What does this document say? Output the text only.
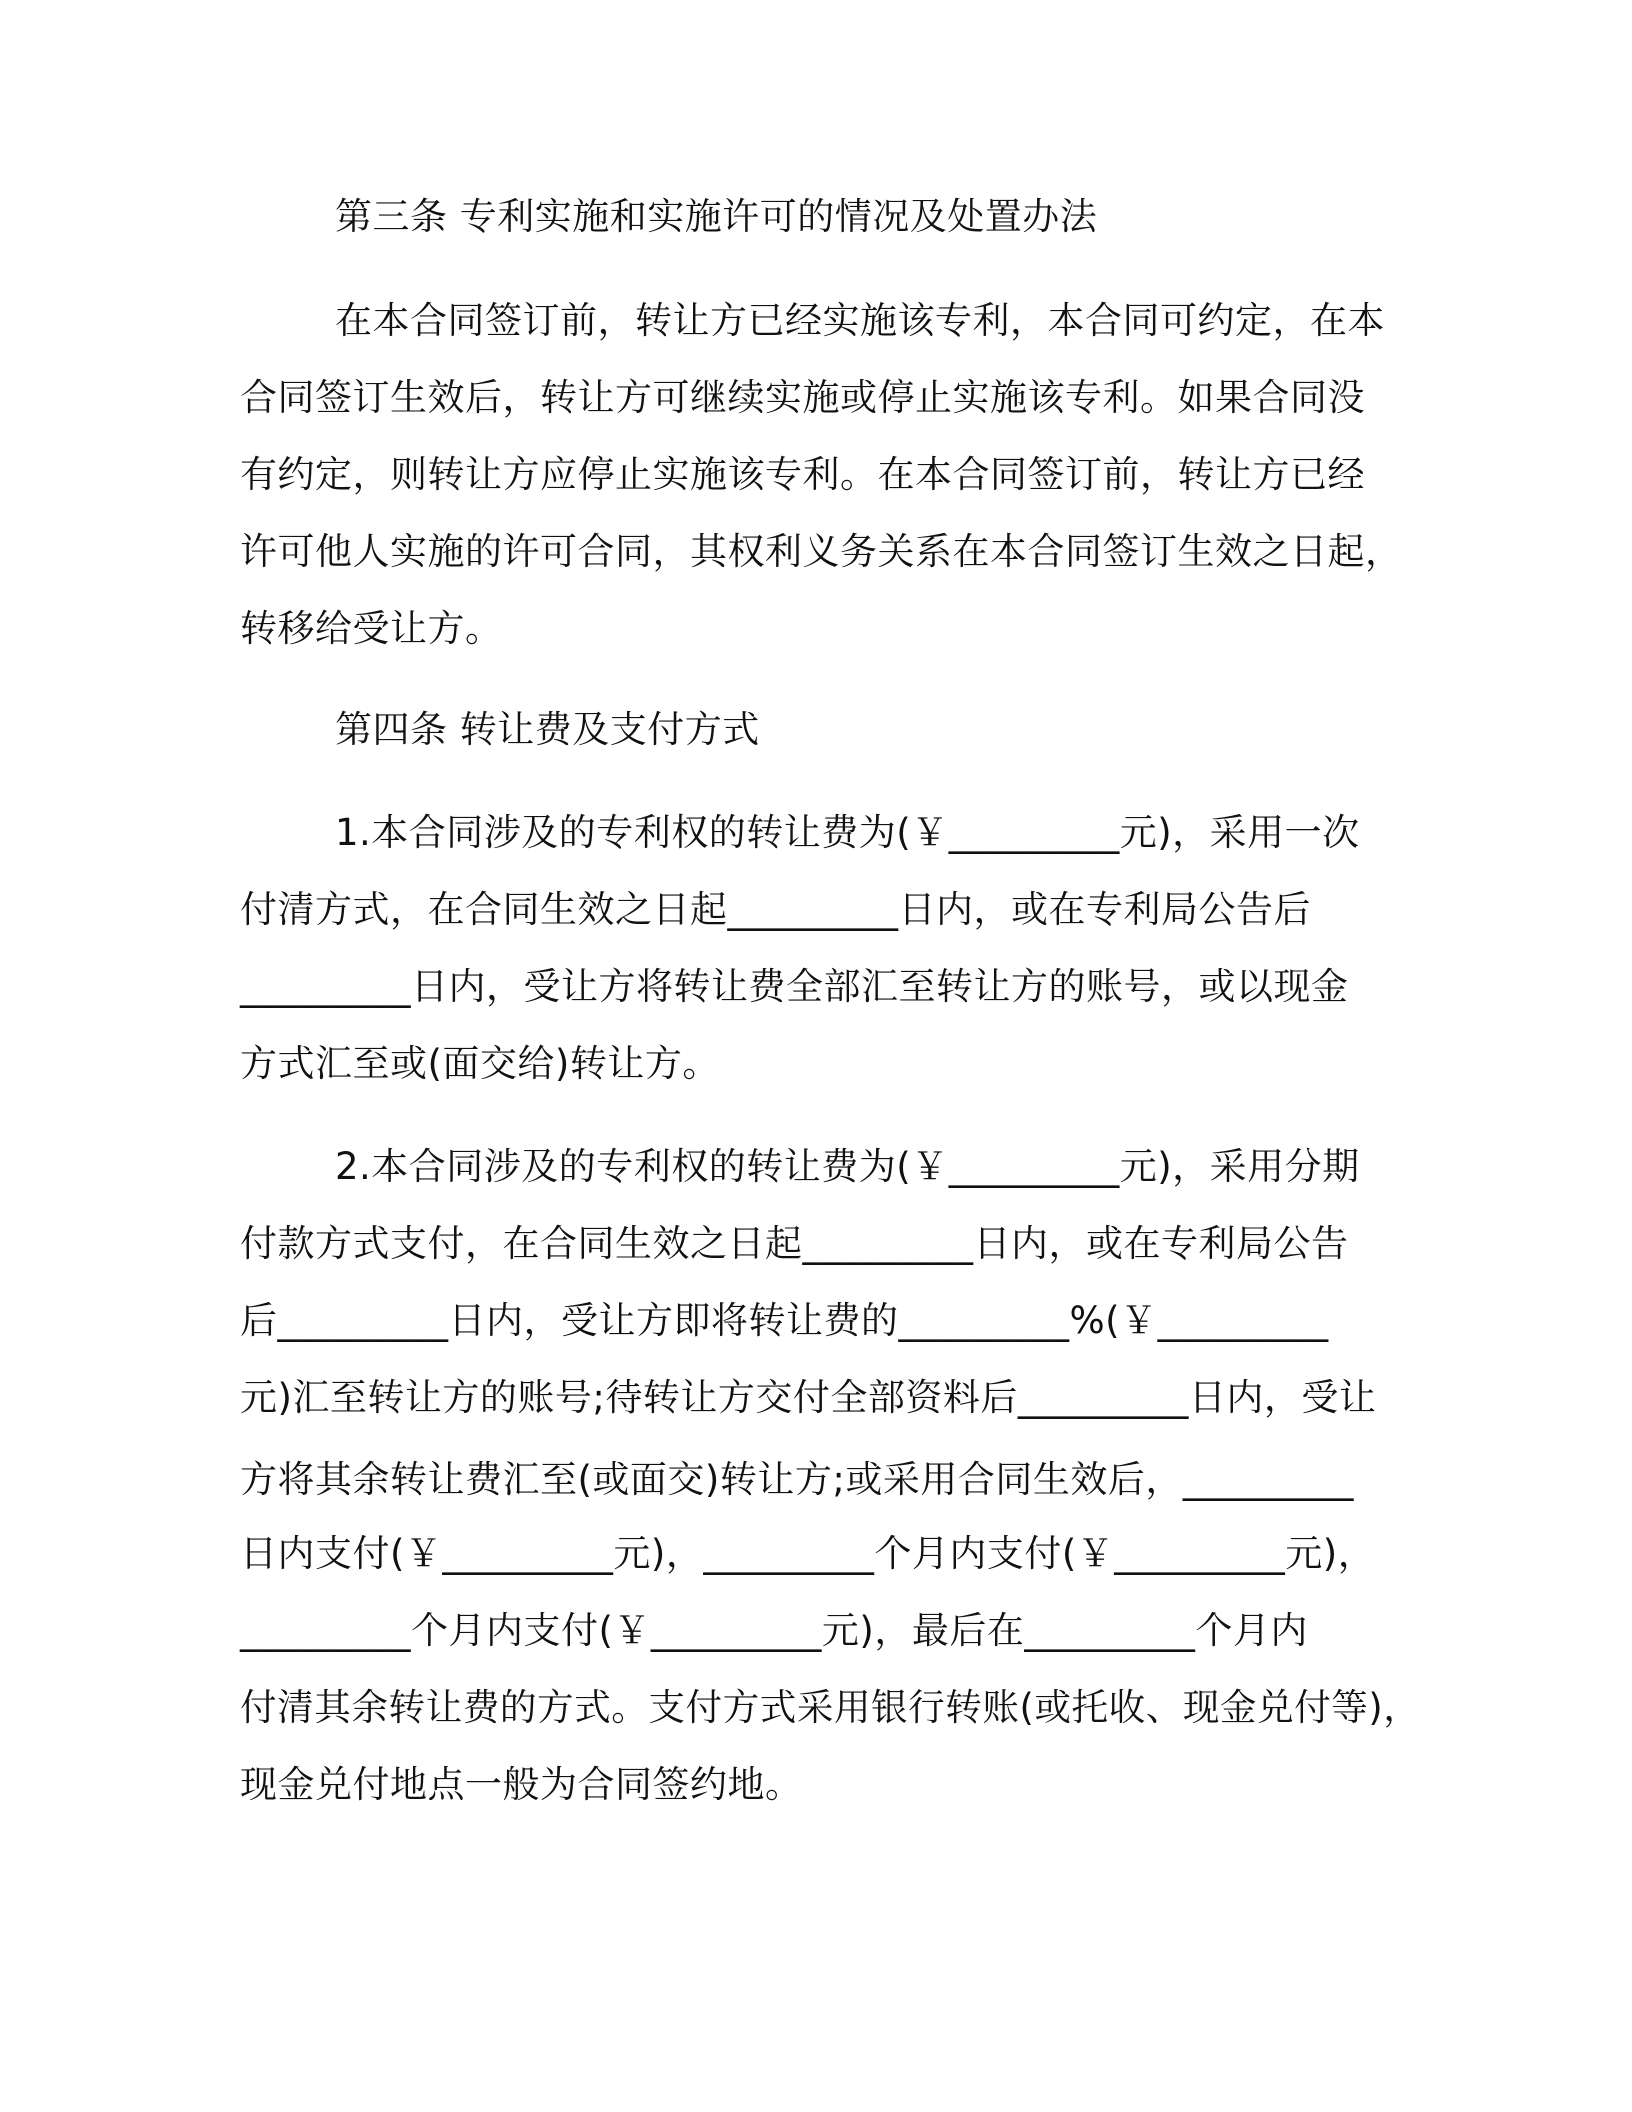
第三条 专利实施和实施许可的情况及处置办法
在本合同签订前，转让方已经实施该专利，本合同可约定，在本
合同签订生效后，转让方可继续实施或停止实施该专利。如果合同没
有约定，则转让方应停止实施该专利。在本合同签订前，转让方已经
许可他人实施的许可合同，其权利义务关系在本合同签订生效之日起，
转移给受让方。
第四条 转让费及支付方式
1.本合同涉及的专利权的转让费为(￥_________元)，采用一次
付清方式，在合同生效之日起_________日内，或在专利局公告后
_________日内，受让方将转让费全部汇至转让方的账号，或以现金
方式汇至或(面交给)转让方。
2.本合同涉及的专利权的转让费为(￥_________元)，采用分期
付款方式支付，在合同生效之日起_________日内，或在专利局公告
后_________日内，受让方即将转让费的_________%(￥_________
元)汇至转让方的账号;待转让方交付全部资料后_________日内，受让
方将其余转让费汇至(或面交)转让方;或采用合同生效后，_________
日内支付(￥_________元)，_________个月内支付(￥_________元)，
_________个月内支付(￥_________元)，最后在_________个月内
付清其余转让费的方式。支付方式采用银行转账(或托收、现金兑付等)，
现金兑付地点一般为合同签约地。
